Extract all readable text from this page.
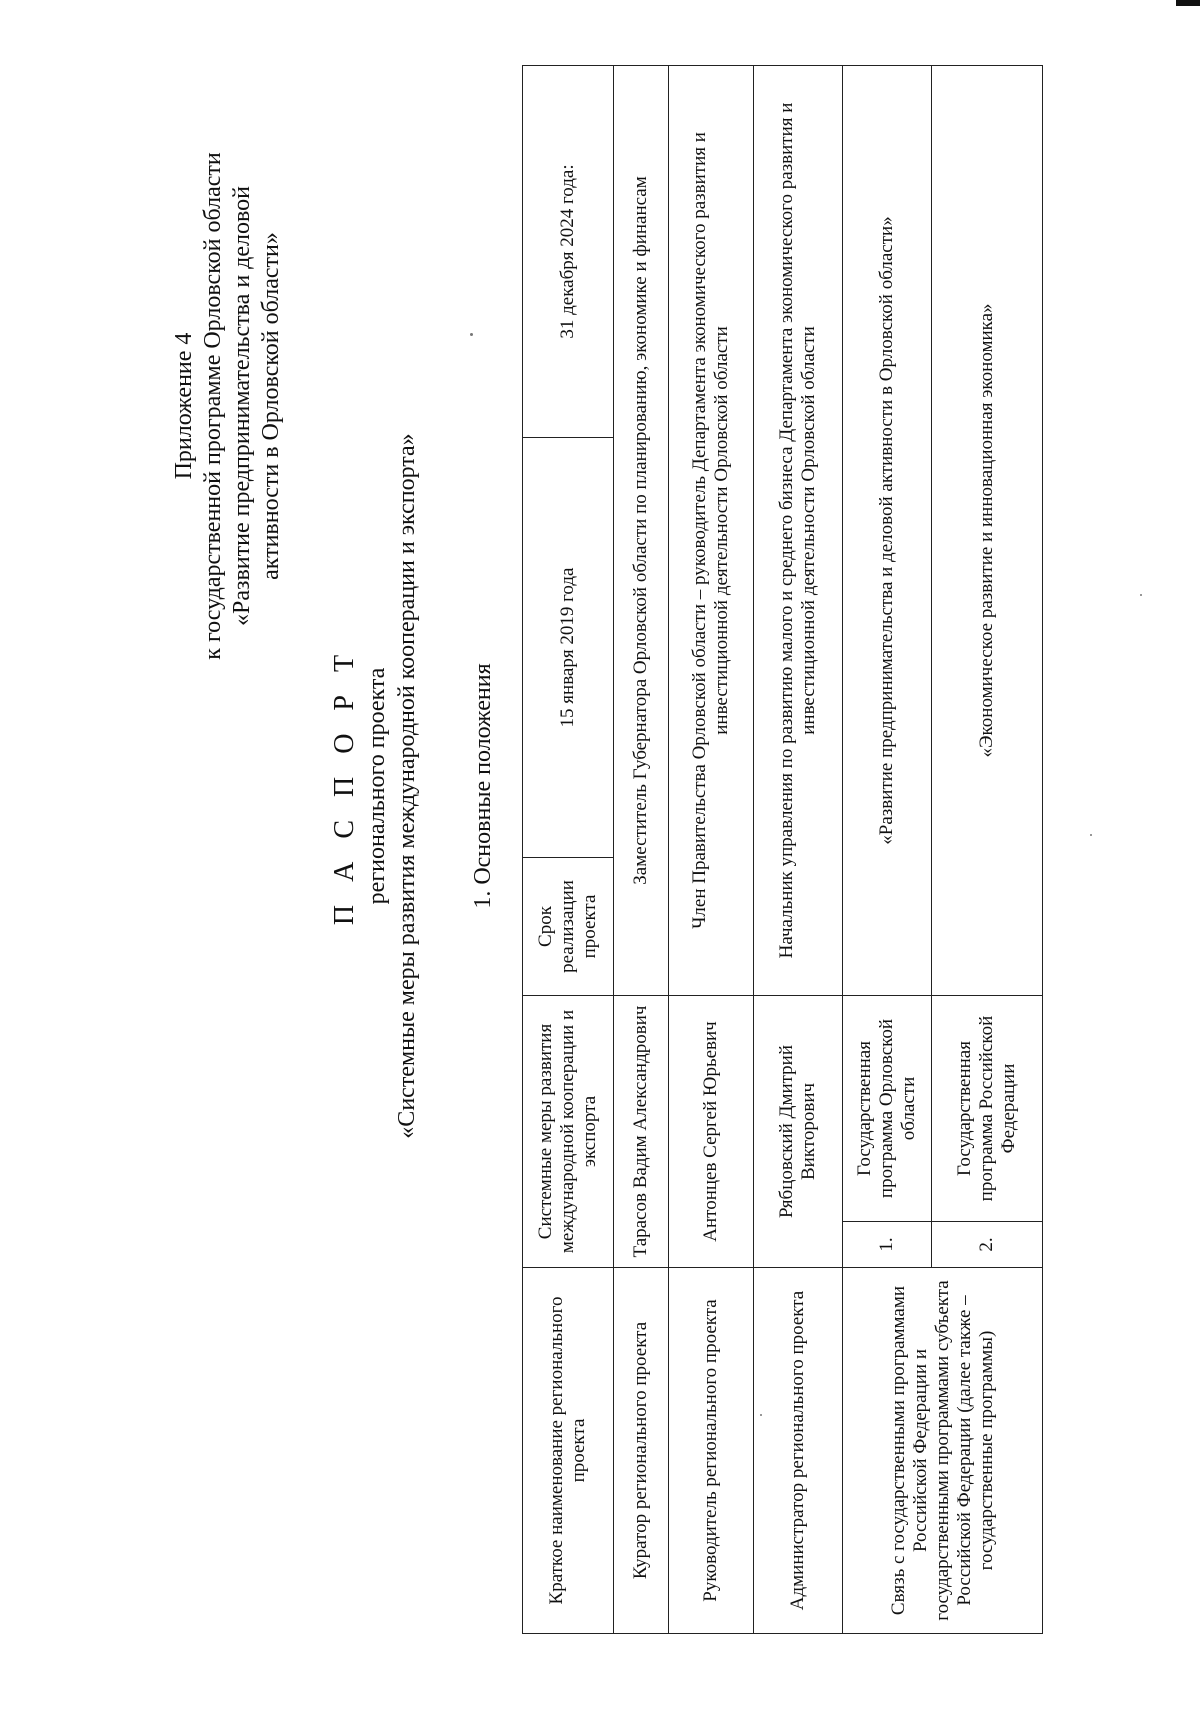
Приложение 4 к государственной программе Орловской области «Развитие предпринимательства и деловой активности в Орловской области»
П А С П О Р Т регионального проекта «Системные меры развития международной кооперации и экспорта» 1. Основные положения
Краткое наименование регионального проекта	Системные меры развития международной кооперации и экспорта		Срок реализации проекта	15 января 2019 года	31 декабря 2024 года:
Куратор регионального проекта	Тарасов Вадим Александрович		Заместитель Губернатора Орловской области по планированию, экономике и финансам		
Руководитель регионального проекта	Антонцев Сергей Юрьевич		Член Правительства Орловской области – руководитель Департамента экономического развития и инвестиционной деятельности Орловской области		
Администратор регионального проекта	Рябцовский Дмитрий Викторович		Начальник управления по развитию малого и среднего бизнеса Департамента экономического развития и инвестиционной деятельности Орловской области		
Связь с государственными программами Российской Федерации и государственными программами субъекта Российской Федерации (далее также – государственные программы)	1.	Государственная программа Орловской области	«Развитие предпринимательства и деловой активности в Орловской области»		
	2.	Государственная программа Российской Федерации	«Экономическое развитие и инновационная экономика»		
